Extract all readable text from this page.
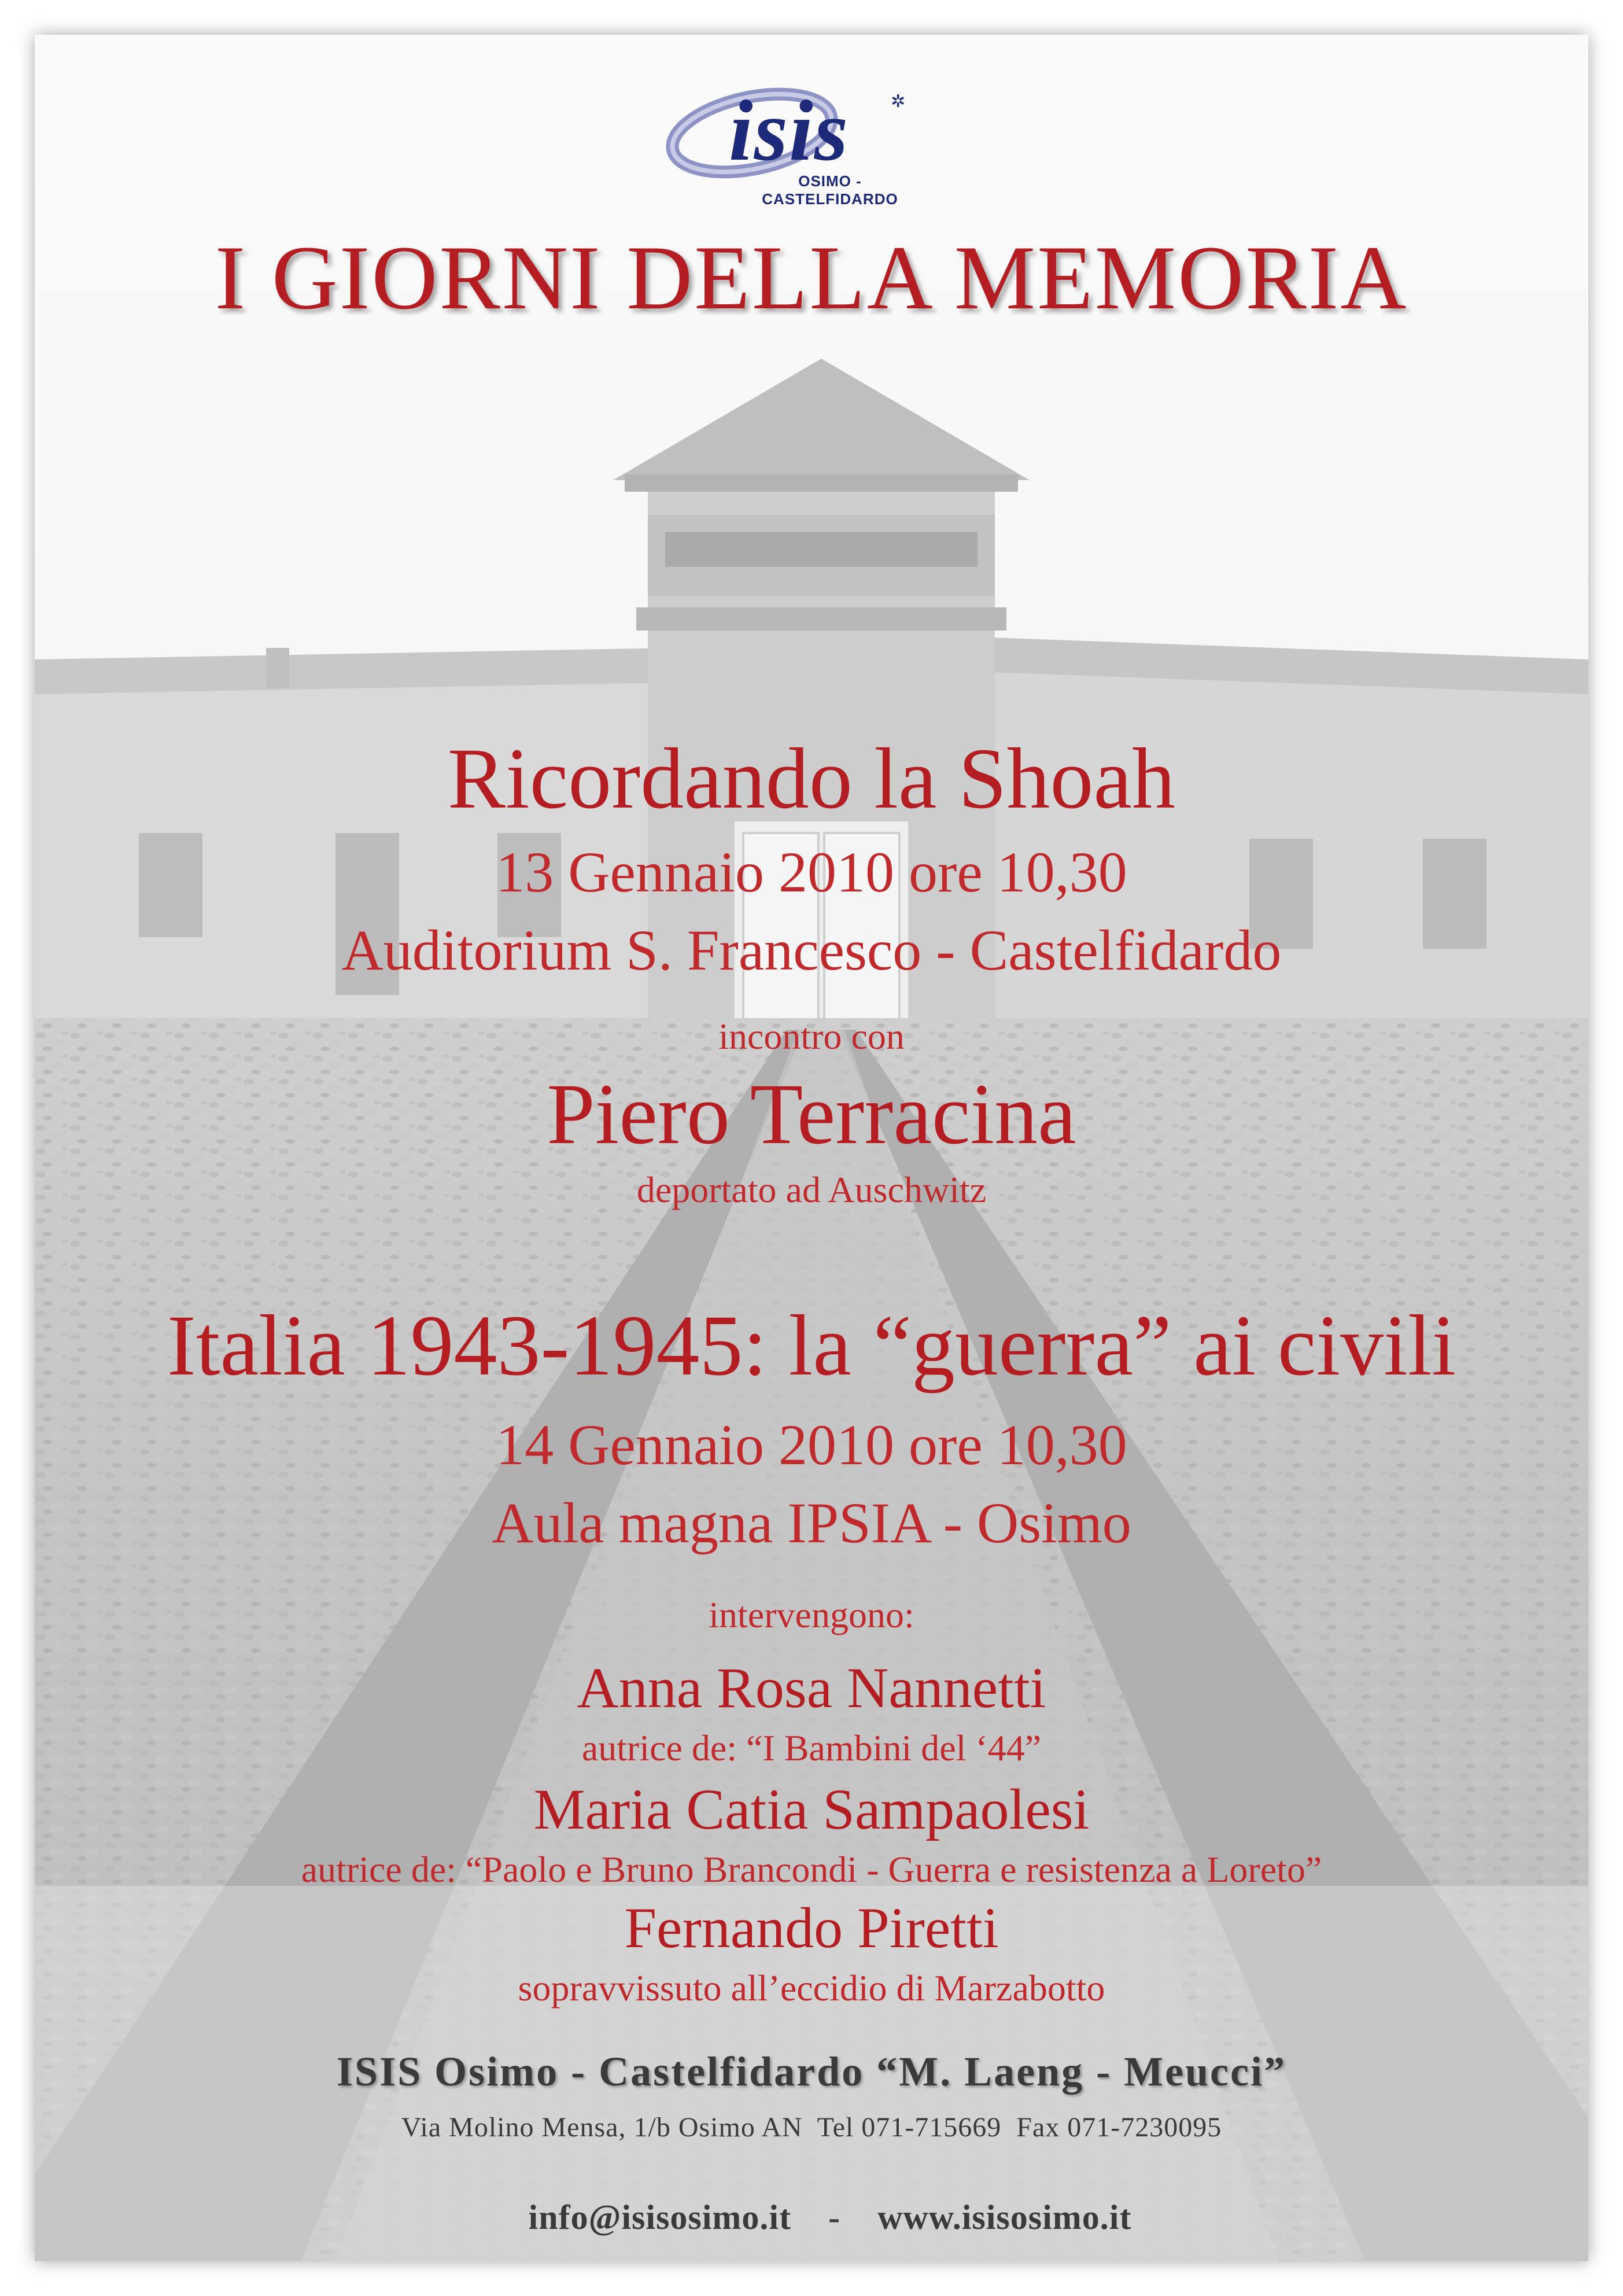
isis ✲
OSIMO - CASTELFIDARDO
I GIORNI DELLA MEMORIA
Ricordando la Shoah
13 Gennaio 2010 ore 10,30
Auditorium S. Francesco - Castelfidardo
incontro con
Piero Terracina
deportato ad Auschwitz
Italia 1943-1945: la “guerra” ai civili
14 Gennaio 2010 ore 10,30
Aula magna IPSIA - Osimo
intervengono:
Anna Rosa Nannetti
autrice de: “I Bambini del ‘44”
Maria Catia Sampaolesi
autrice de: “Paolo e Bruno Brancondi - Guerra e resistenza a Loreto”
Fernando Piretti
sopravvissuto all’eccidio di Marzabotto
ISIS Osimo - Castelfidardo “M. Laeng - Meucci”
Via Molino Mensa, 1/b Osimo AN  Tel 071-715669  Fax 071-7230095

info@isisosimo.it - www.isisosimo.it
